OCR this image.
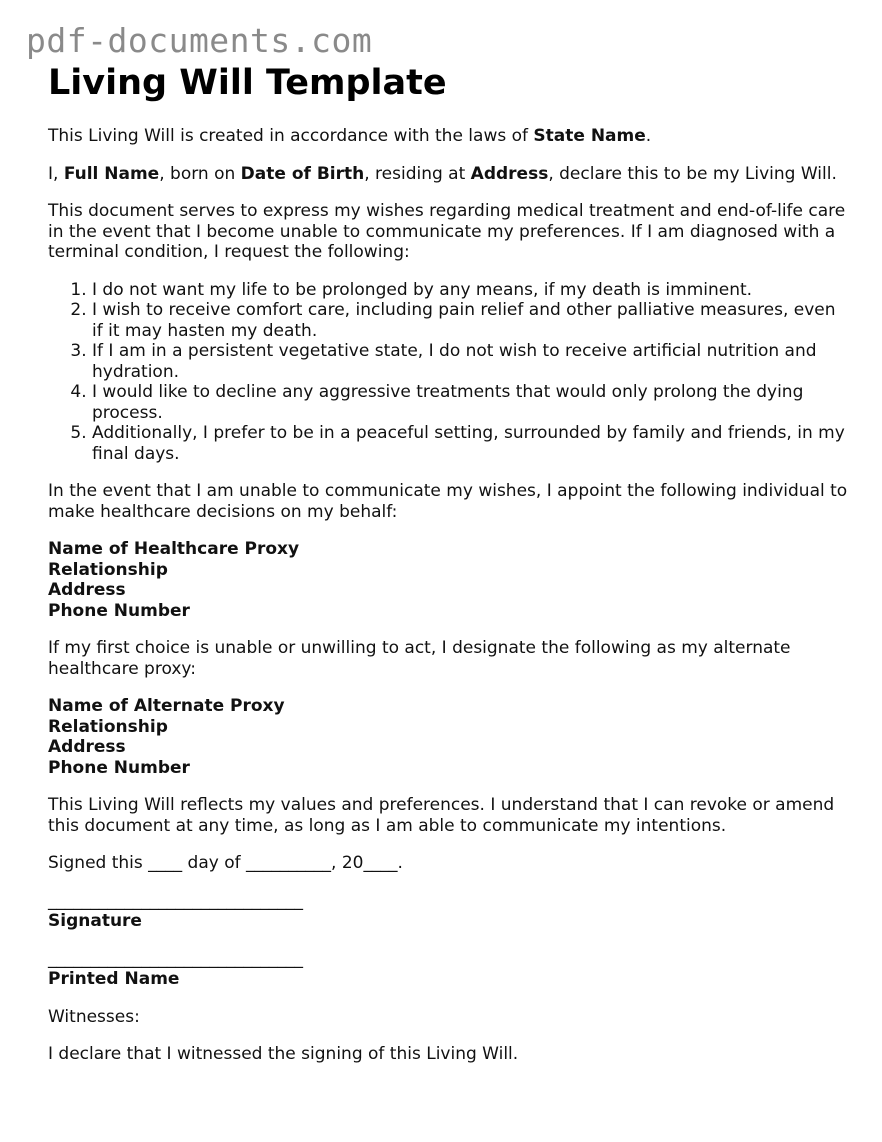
pdf-documents.com
Living Will Template

This Living Will is created in accordance with the laws of State Name.

I, Full Name, born on Date of Birth, residing at Address, declare this to be my Living Will.

This document serves to express my wishes regarding medical treatment and end-of-life care in the event that I become unable to communicate my preferences. If I am diagnosed with a terminal condition, I request the following:

1. I do not want my life to be prolonged by any means, if my death is imminent.
2. I wish to receive comfort care, including pain relief and other palliative measures, even if it may hasten my death.
3. If I am in a persistent vegetative state, I do not wish to receive artificial nutrition and hydration.
4. I would like to decline any aggressive treatments that would only prolong the dying process.
5. Additionally, I prefer to be in a peaceful setting, surrounded by family and friends, in my final days.

In the event that I am unable to communicate my wishes, I appoint the following individual to make healthcare decisions on my behalf:

Name of Healthcare Proxy
Relationship
Address
Phone Number

If my first choice is unable or unwilling to act, I designate the following as my alternate healthcare proxy:

Name of Alternate Proxy
Relationship
Address
Phone Number

This Living Will reflects my values and preferences. I understand that I can revoke or amend this document at any time, as long as I am able to communicate my intentions.

Signed this ____ day of __________, 20____.

______________________________
Signature
______________________________
Printed Name

Witnesses:

I declare that I witnessed the signing of this Living Will.
